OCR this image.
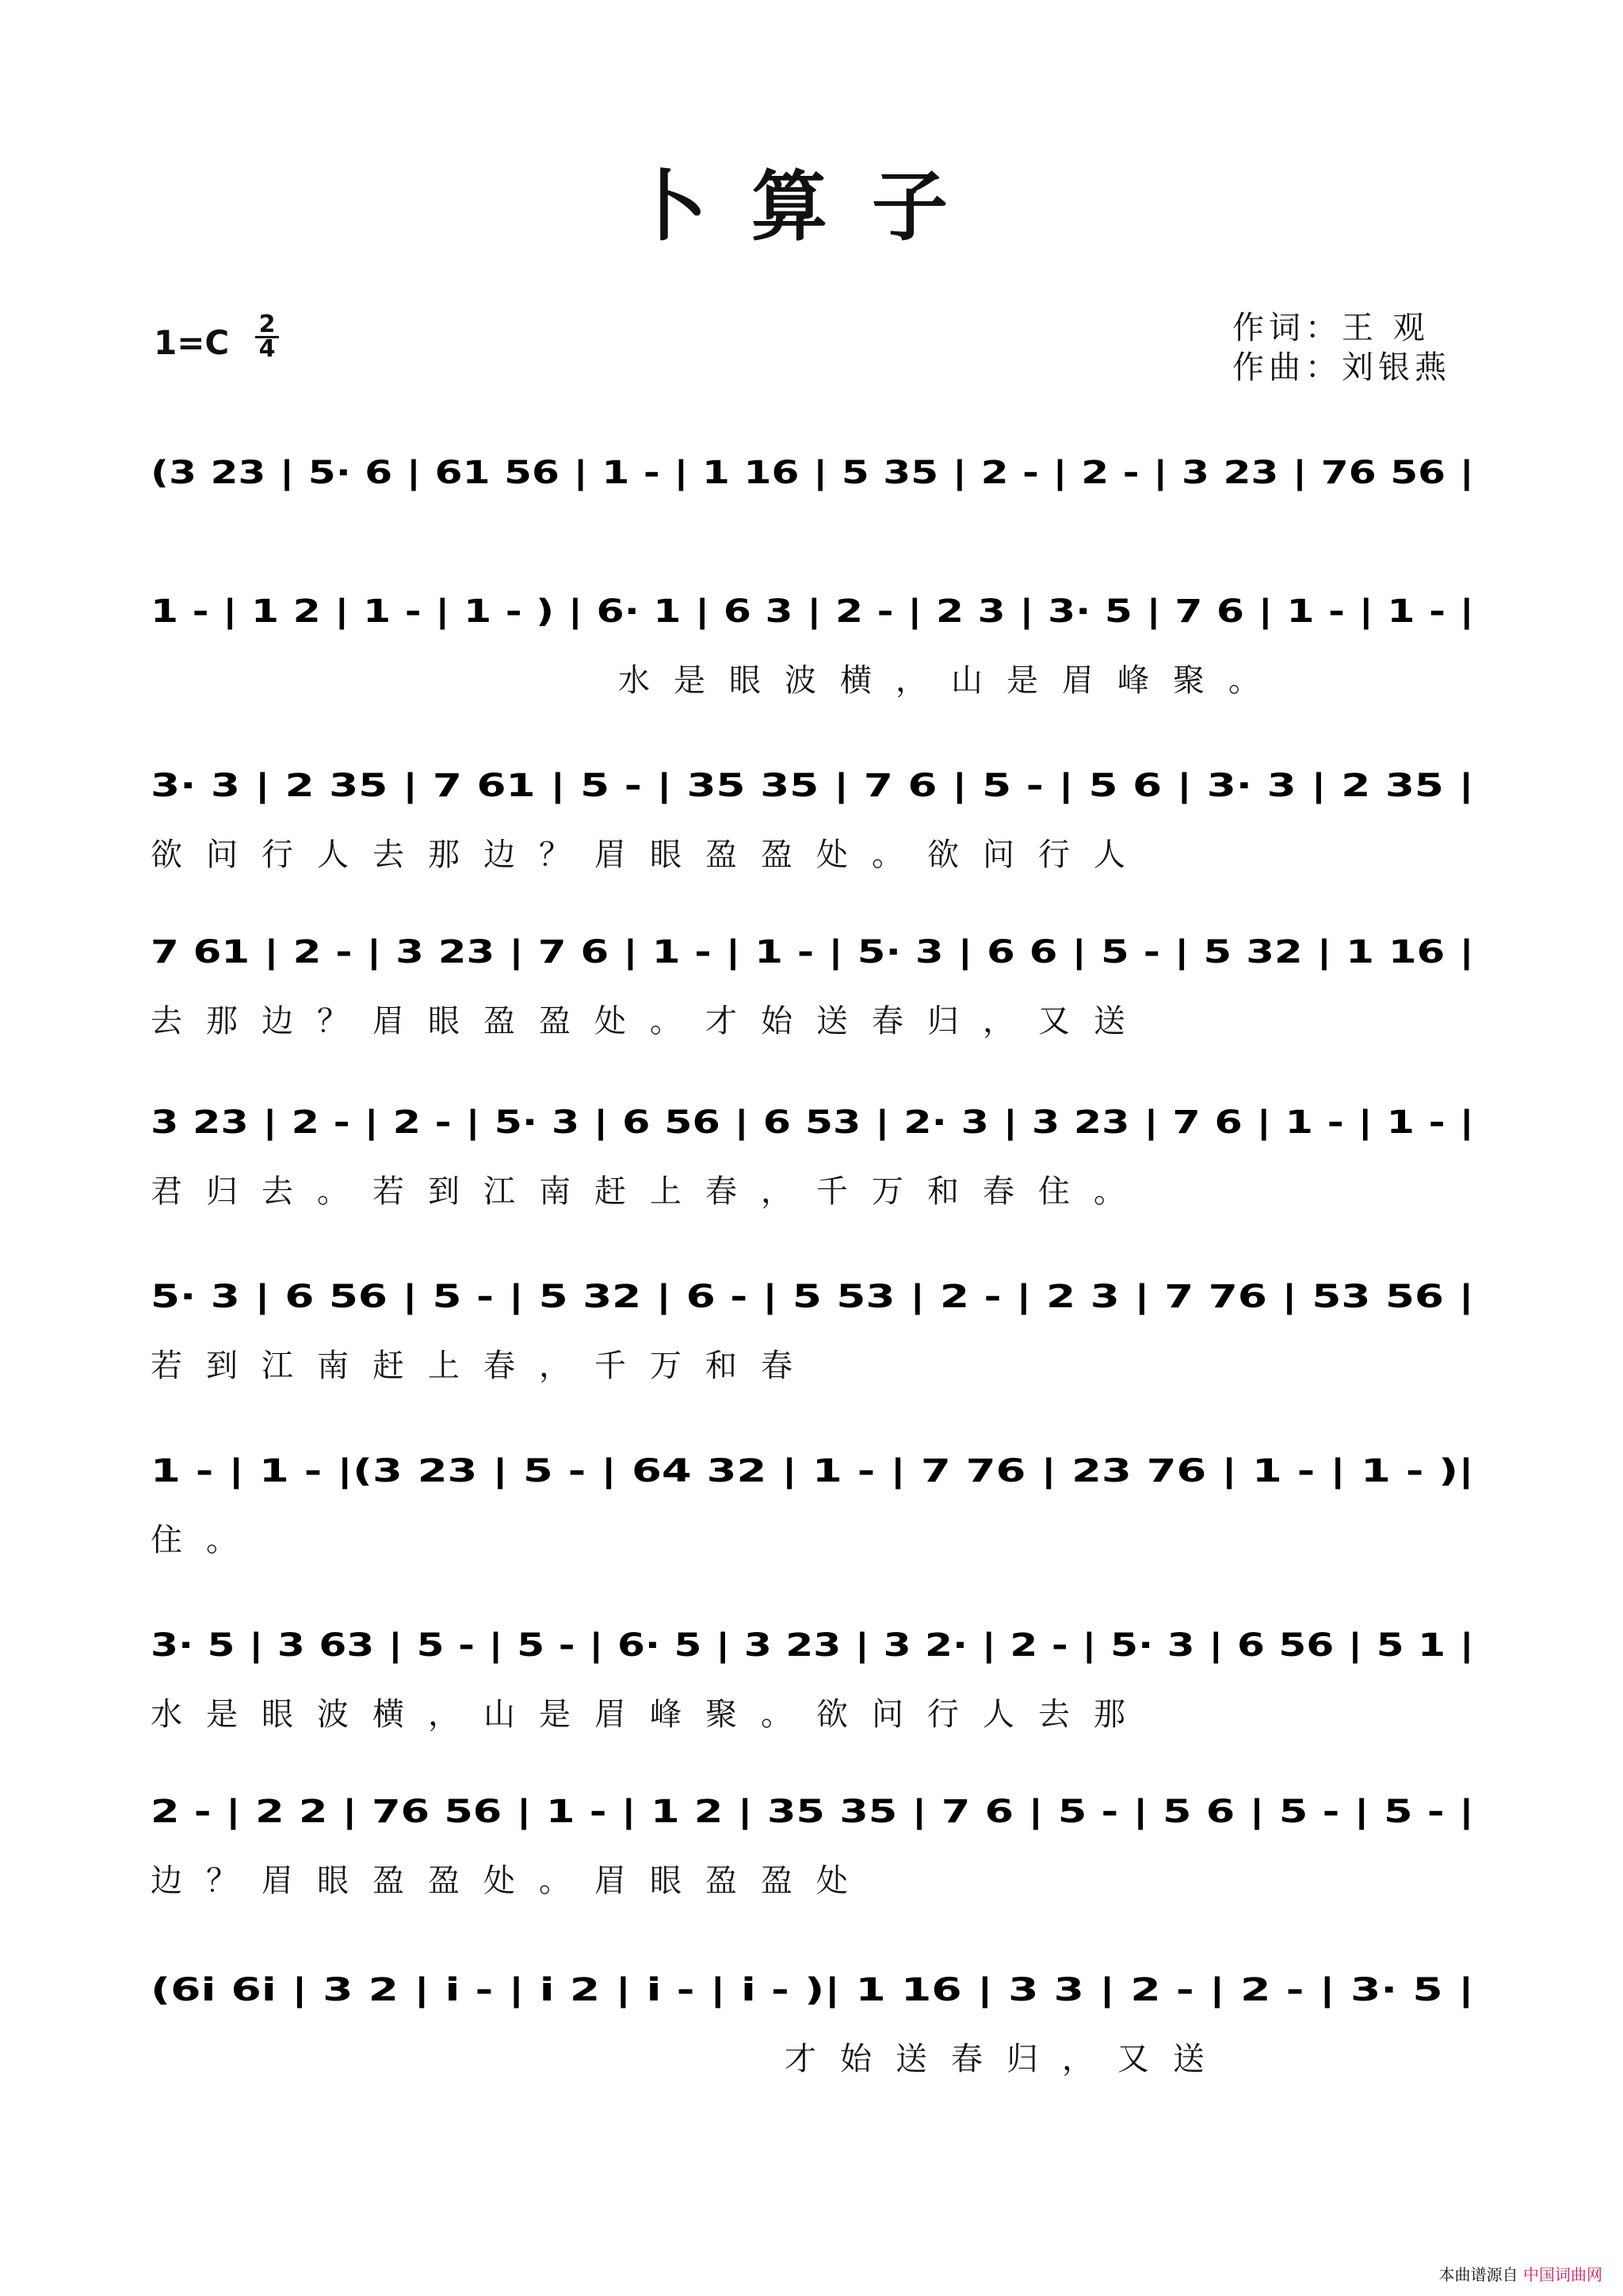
卜算子
$1=C \frac{2}{4}$	作词：王 观
作曲：刘银燕
(3 23 | 5· 6 | 61 56 | 1 - | 1 16 | 5 35 | 2 - | 2 - | 3 23 | 76 56 |
1 - | 1 2 | 1 - | 1 - ) | 6· 1 | 6 3 | 2 - | 2 3 | 3· 5 | 7 6 | 1 - | 1 - |
水是眼波横，山是眉峰聚。
3· 3 | 2 35 | 7 61 | 5 - | 35 35 | 7 6 | 5 - | 5 6 | 3· 3 | 2 35 |
欲问行人去那边？眉眼盈盈处。欲问行人
7 61 | 2 - | 3 23 | 7 6 | 1 - | 1 - | 5· 3 | 6 6 | 5 - | 5 32 | 1 16 |
去那边？眉眼盈盈处。才始送春归，又送
3 23 | 2 - | 2 - | 5· 3 | 6 56 | 6 53 | 2· 3 | 3 23 | 7 6 | 1 - | 1 - |
君归去。若到江南赶上春，千万和春住。
5· 3 | 6 56 | 5 - | 5 32 | 6 - | 5 53 | 2 - | 2 3 | 7 76 | 53 56 |
若到江南赶上春，千万和春
1 - | 1 - |(3 23 | 5 - | 64 32 | 1 - | 7 76 | 23 76 | 1 - | 1 - )|
住。
3· 5 | 3 63 | 5 - | 5 - | 6· 5 | 3 23 | 3 2· | 2 - | 5· 3 | 6 56 | 5 1 |
水是眼波横，山是眉峰聚。欲问行人去那
2 - | 2 2 | 76 56 | 1 - | 1 2 | 35 35 | 7 6 | 5 - | 5 6 | 5 - | 5 - |
边？眉眼盈盈处。眉眼盈盈处
(6i 6i | 3 2 | i - | i 2 | i - | i - )| 1 16 | 3 3 | 2 - | 2 - | 3· 5 |
才始送春归，又送
本曲谱源自 中国词曲网
